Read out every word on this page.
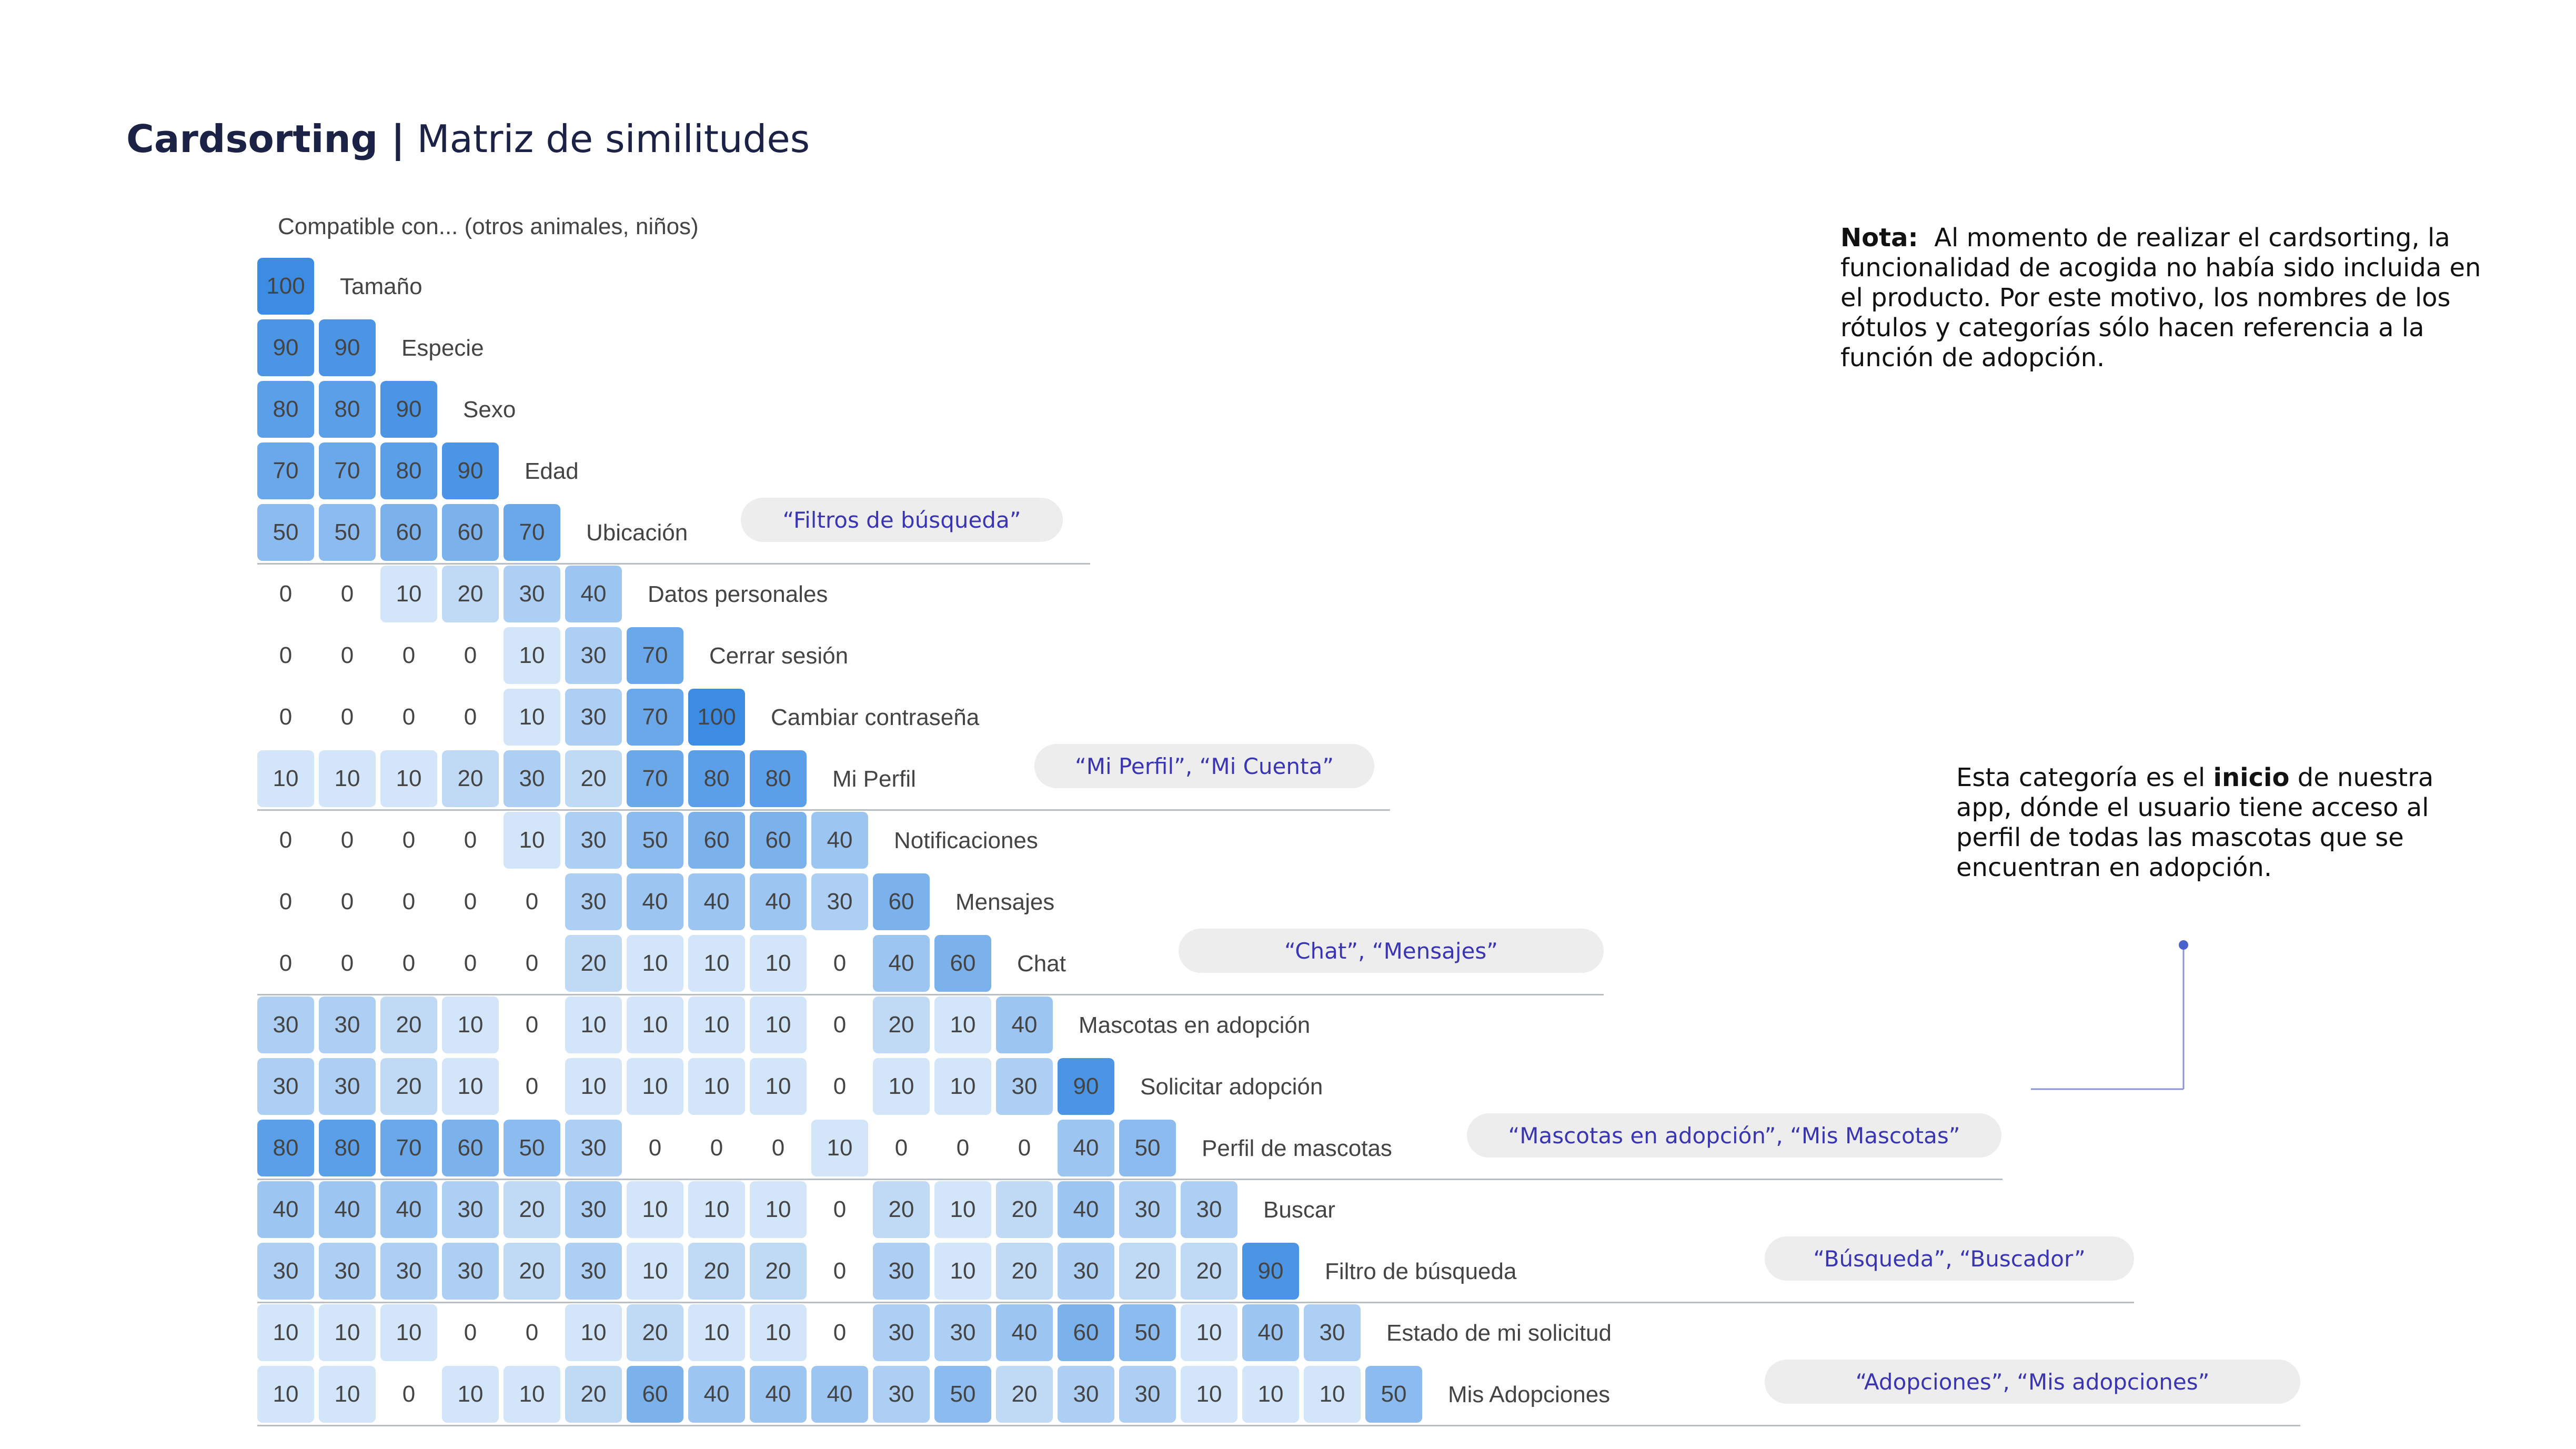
Cardsorting | Matriz de similitudes
Nota: Al momento de realizar el cardsorting, la funcionalidad de acogida no había sido incluida en el producto. Por este motivo, los nombres de los rótulos y categorías sólo hacen referencia a la función de adopción.
Esta categoría es el inicio de nuestra app, dónde el usuario tiene acceso al perfil de todas las mascotas que se encuentran en adopción.
Compatible con... (otros animales, niños)
100	Tamaño
90	90	Especie
80	80	90	Sexo
70	70	80	90	Edad
50	50	60	60	70	Ubicación
0	0	10	20	30	40	Datos personales
0	0	0	0	10	30	70	Cerrar sesión
0	0	0	0	10	30	70	100	Cambiar contraseña
10	10	10	20	30	20	70	80	80	Mi Perfil
0	0	0	0	10	30	50	60	60	40	Notificaciones
0	0	0	0	0	30	40	40	40	30	60	Mensajes
0	0	0	0	0	20	10	10	10	0	40	60	Chat
30	30	20	10	0	10	10	10	10	0	20	10	40	Mascotas en adopción
30	30	20	10	0	10	10	10	10	0	10	10	30	90	Solicitar adopción
80	80	70	60	50	30	0	0	0	10	0	0	0	40	50	Perfil de mascotas
40	40	40	30	20	30	10	10	10	0	20	10	20	40	30	30	Buscar
30	30	30	30	20	30	10	20	20	0	30	10	20	30	20	20	90	Filtro de búsqueda
10	10	10	0	0	10	20	10	10	0	30	30	40	60	50	10	40	30	Estado de mi solicitud
10	10	0	10	10	20	60	40	40	40	30	50	20	30	30	10	10	10	50	Mis Adopciones
“Filtros de búsqueda”
“Mi Perfil”, “Mi Cuenta”
“Chat”, “Mensajes”
“Mascotas en adopción”, “Mis Mascotas”
“Búsqueda”, “Buscador”
“Adopciones”, “Mis adopciones”
